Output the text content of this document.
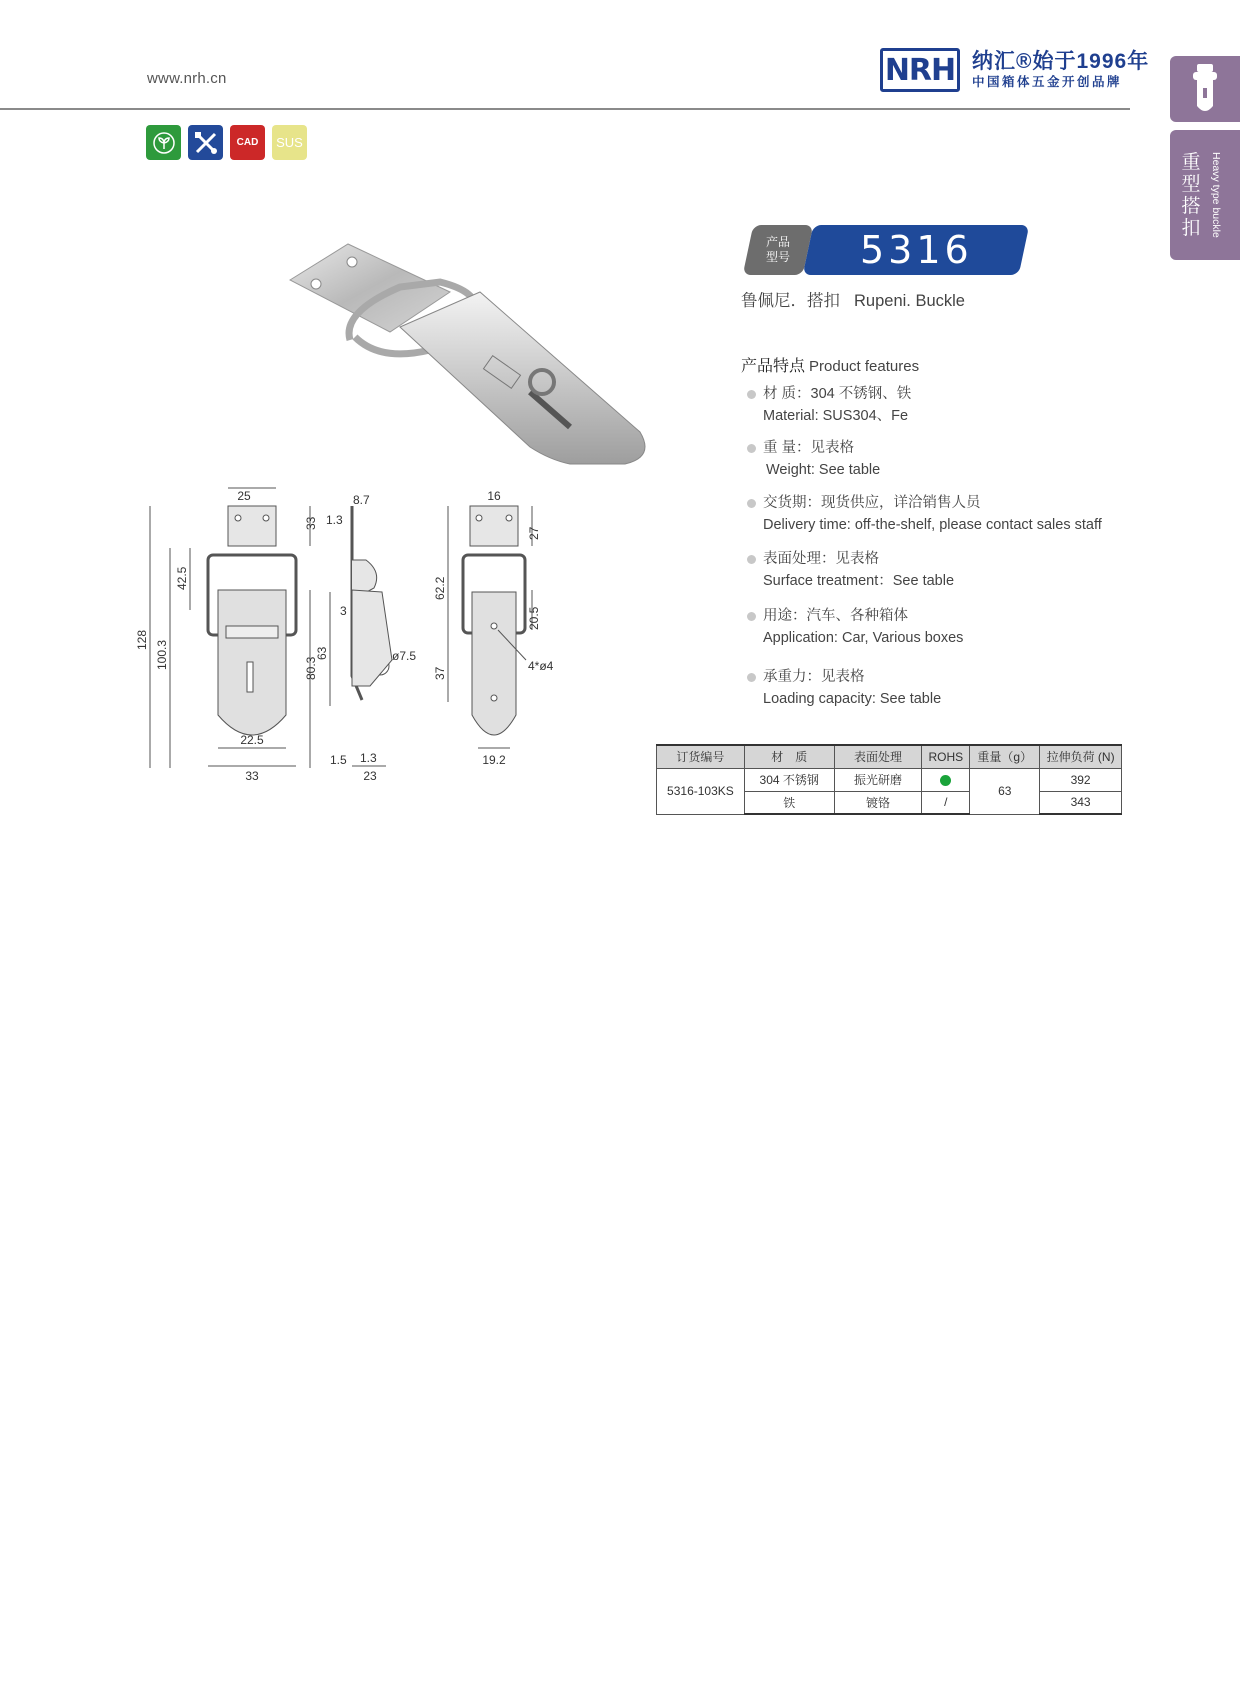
www.nrh.cn	NRH 纳汇®始于1996年
中国箱体五金开创品牌
重型搭扣 Heavy type buckle
CAD	SUS
产品型号 5316
鲁佩尼．搭扣 Rupeni. Buckle
产品特点 Product features
材 质：304 不锈钢、铁
Material: SUS304、Fe
重 量：见表格
Weight: See table
交货期：现货供应，详洽销售人员
Delivery time: off-the-shelf, please contact sales staff
表面处理：见表格
Surface treatment：See table
用途：汽车、各种箱体
Application: Car, Various boxes
承重力：见表格
Loading capacity: See table
订货编号	材　质	表面处理	ROHS	重量（g）	拉伸负荷 (N)
5316-103KS	304 不锈钢	振光研磨		63	392
	铁	镀铬	/		343
25
33
128 100.3
42.5
80.3
22.5
33
8.7
1.3
3
63	ø7.5
1.5 1.3
23
16
27
62.2
20.5
4*ø4
37
19.2
